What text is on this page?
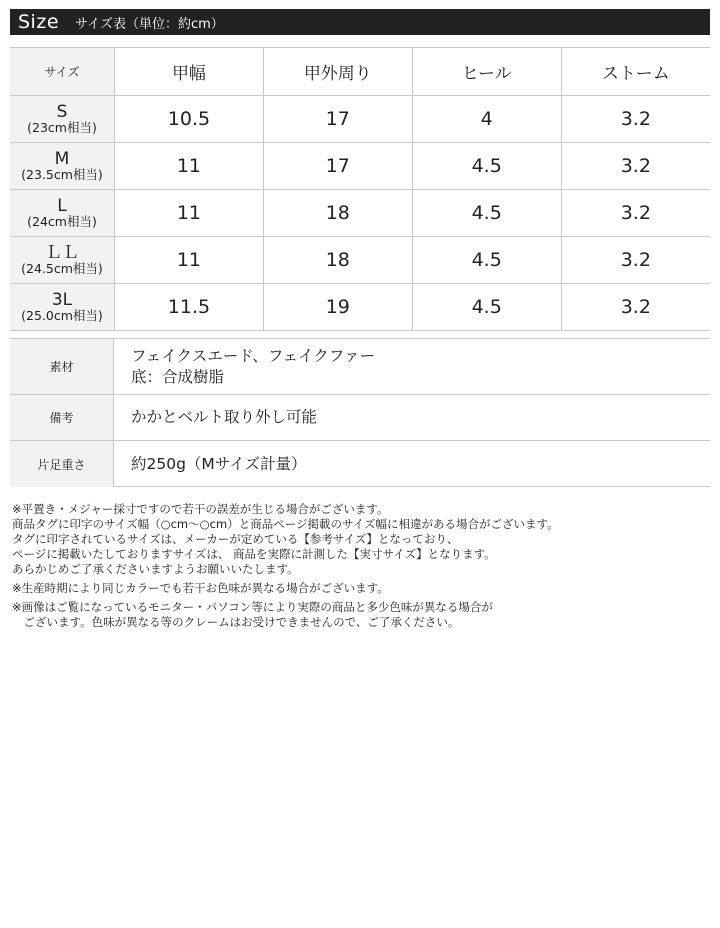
Size サイズ表（単位：約cm）
サイズ	甲幅	甲外周り	ヒール	ストーム

S
(23cm相当)	10.5	17	4	3.2

M
(23.5cm相当)	11	17	4.5	3.2

L
(24cm相当)	11	18	4.5	3.2

ＬＬ
(24.5cm相当)	11	18	4.5	3.2

3L
(25.0cm相当)	11.5	19	4.5	3.2
素材
フェイクスエード、フェイクファー
底：合成樹脂
備考	かかとベルト取り外し可能
片足重さ	約250g（Mサイズ計量）
※平置き・メジャー採寸ですので若干の誤差が生じる場合がございます。
商品タグに印字のサイズ幅（○cm〜○cm）と商品ページ掲載のサイズ幅に相違がある場合がございます。
タグに印字されているサイズは、メーカーが定めている【参考サイズ】となっており、
ページに掲載いたしておりますサイズは、 商品を実際に計測した【実寸サイズ】となります。
あらかじめご了承くださいますようお願いいたします。
※生産時期により同じカラーでも若干お色味が異なる場合がございます。
※画像はご覧になっているモニター・パソコン等により実際の商品と多少色味が異なる場合が
　ございます。色味が異なる等のクレームはお受けできませんので、ご了承ください。
